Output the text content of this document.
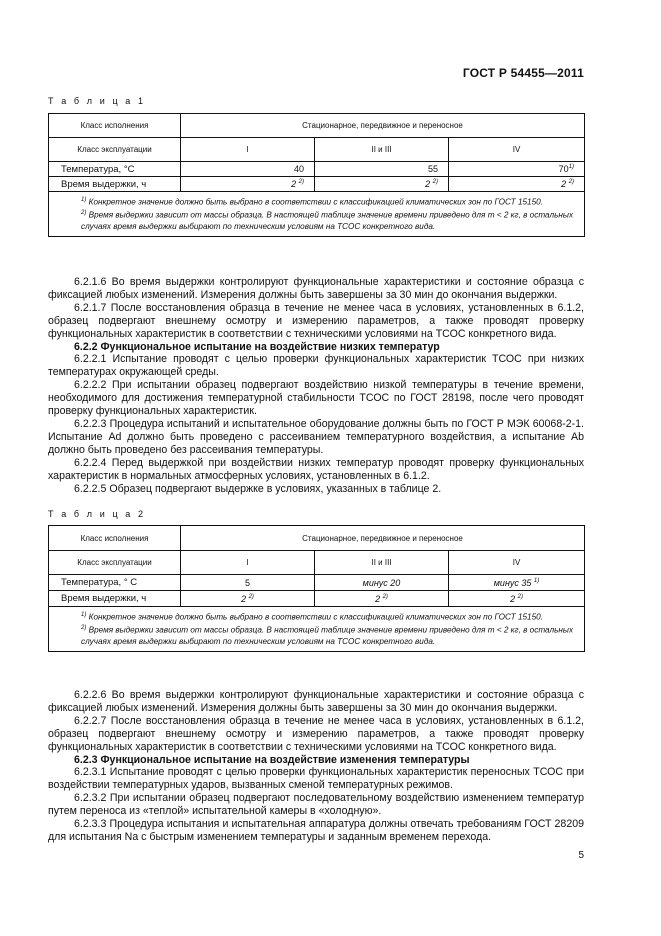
ГОСТ Р 54455—2011
Т а б л и ц а 1
Класс исполнения	Стационарное, передвижное и переносное		
Класс эксплуатации	I	II и III	IV
Температура, °С	40	55	70$^{1)}$
Время выдержки, ч	2 $^{2)}$	2 $^{2)}$	2 $^{2)}$

$^{1)}$ Конкретное значение должно быть выбрано в соответствии с классификацией климатических зон по ГОСТ 15150.

$^{2)}$ Время выдержки зависит от массы образца. В настоящей таблице значение времени приведено для m < 2 кг, в остальных случаях время выдержки выбирают по техническим условиям на ТСОС конкретного вида.			

6.2.1.6 Во время выдержки контролируют функциональные характеристики и состояние образца с фиксацией любых изменений. Измерения должны быть завершены за 30 мин до окончания выдержки.

6.2.1.7 После восстановления образца в течение не менее часа в условиях, установленных в 6.1.2, образец подвергают внешнему осмотру и измерению параметров, а также проводят проверку функциональных характеристик в соответствии с техническими условиями на ТСОС конкретного вида.

6.2.2 Функциональное испытание на воздействие низких температур

6.2.2.1 Испытание проводят с целью проверки функциональных характеристик ТСОС при низких температурах окружающей среды.

6.2.2.2 При испытании образец подвергают воздействию низкой температуры в течение времени, необходимого для достижения температурной стабильности ТСОС по ГОСТ 28198, после чего проводят проверку функциональных характеристик.

6.2.2.3 Процедура испытаний и испытательное оборудование должны быть по ГОСТ Р МЭК 60068-2-1. Испытание Ad должно быть проведено с рассеиванием температурного воздействия, а испытание Ab должно быть проведено без рассеивания температуры.

6.2.2.4 Перед выдержкой при воздействии низких температур проводят проверку функциональных характеристик в нормальных атмосферных условиях, установленных в 6.1.2.

6.2.2.5 Образец подвергают выдержке в условиях, указанных в таблице 2.

Т а б л и ц а 2
Класс исполнения	Стационарное, передвижное и переносное		
Класс эксплуатации	I	II и III	IV
Температура, ° С	5	минус 20	минус 35 $^{1)}$
Время выдержки, ч	2 $^{2)}$	2 $^{2)}$	2 $^{2)}$

$^{1)}$ Конкретное значение должно быть выбрано в соответствии с классификацией климатических зон по ГОСТ 15150.

$^{2)}$ Время выдержки зависит от массы образца. В настоящей таблице значение времени приведено для m < 2 кг, в остальных случаях время выдержки выбирают по техническим условиям на ТСОС конкретного вида.			

6.2.2.6 Во время выдержки контролируют функциональные характеристики и состояние образца с фиксацией любых изменений. Измерения должны быть завершены за 30 мин до окончания выдержки.

6.2.2.7 После восстановления образца в течение не менее часа в условиях, установленных в 6.1.2, образец подвергают внешнему осмотру и измерению параметров, а также проводят проверку функциональных характеристик в соответствии с техническими условиями на ТСОС конкретного вида.

6.2.3 Функциональное испытание на воздействие изменения температуры

6.2.3.1 Испытание проводят с целью проверки функциональных характеристик переносных ТСОС при воздействии температурных ударов, вызванных сменой температурных режимов.

6.2.3.2 При испытании образец подвергают последовательному воздействию изменением температур путем переноса из «теплой» испытательной камеры в «холодную».

6.2.3.3 Процедура испытания и испытательная аппаратура должны отвечать требованиям ГОСТ 28209 для испытания Na с быстрым изменением температуры и заданным временем перехода.

5
